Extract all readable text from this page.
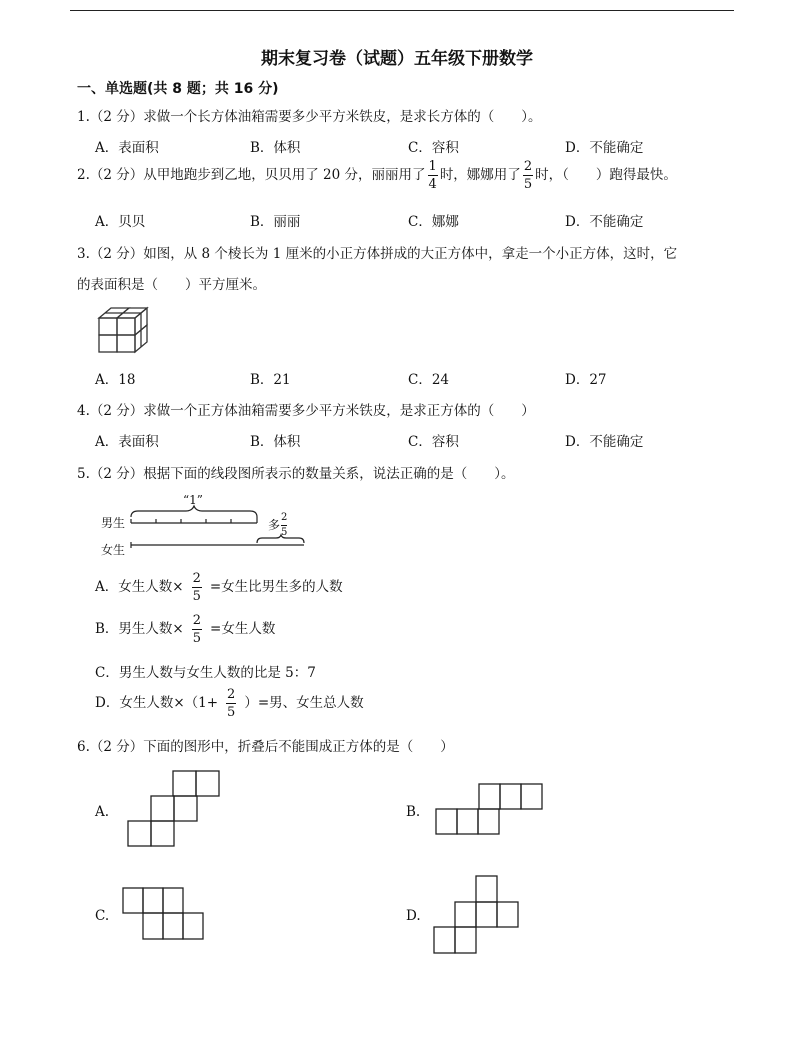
期末复习卷（试题）五年级下册数学
一、单选题(共 8 题；共 16 分)
1.（2 分）求做一个长方体油箱需要多少平方米铁皮，是求长方体的（　　）。
A．表面积	B．体积	C．容积	D．不能确定
2.（2 分）从甲地跑步到乙地，贝贝用了 20 分，丽丽用了 $\frac{1}{4}$ 时，娜娜用了 $\frac{2}{5}$ 时，（　　）跑得最快。
A．贝贝	B．丽丽	C．娜娜	D．不能确定
3.（2 分）如图，从 8 个棱长为 1 厘米的小正方体拼成的大正方体中，拿走一个小正方体，这时，它
的表面积是（　　）平方厘米。
A．18	B．21	C．24	D．27
4.（2 分）求做一个正方体油箱需要多少平方米铁皮，是求正方体的（　　）
A．表面积	B．体积	C．容积	D．不能确定
5.（2 分）根据下面的线段图所表示的数量关系，说法正确的是（　　）。
“1”
男生
女生
多 $\frac{2}{5}$
A．女生人数× $\frac{2}{5}$ =女生比男生多的人数
B．男生人数× $\frac{2}{5}$ =女生人数
C．男生人数与女生人数的比是 5：7
D．女生人数$\times(1+ \frac{2}{5}$ ）=男、女生总人数
6.（2 分）下面的图形中，折叠后不能围成正方体的是（　　）
A.	B.
C.	D.
